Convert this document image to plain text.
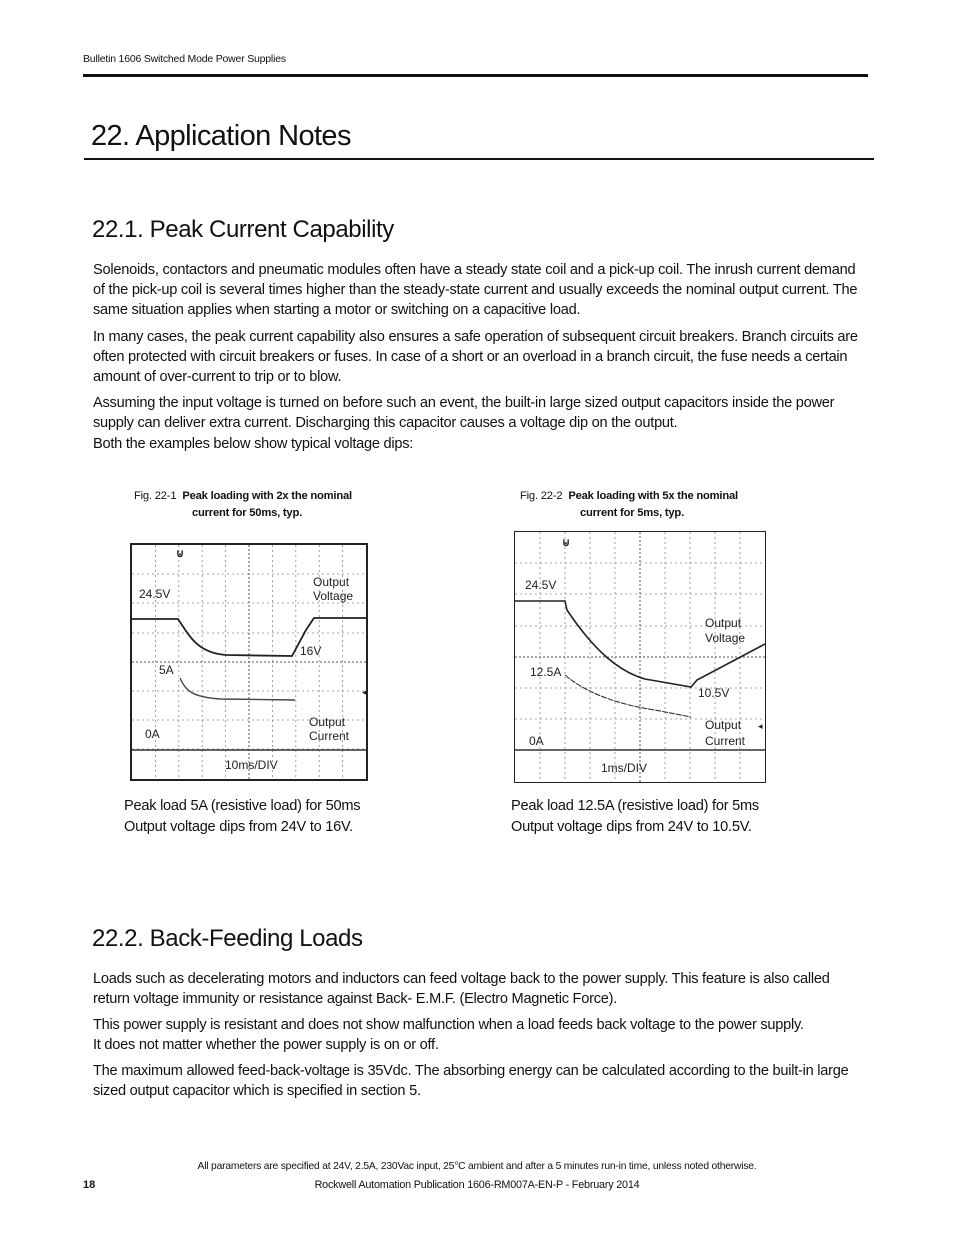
Bulletin 1606 Switched Mode Power Supplies
22. Application Notes
22.1. Peak Current Capability
Solenoids, contactors and pneumatic modules often have a steady state coil and a pick-up coil. The inrush current demand of the pick-up coil is several times higher than the steady-state current and usually exceeds the nominal output current. The same situation applies when starting a motor or switching on a capacitive load.
In many cases, the peak current capability also ensures a safe operation of subsequent circuit breakers. Branch circuits are often protected with circuit breakers or fuses. In case of a short or an overload in a branch circuit, the fuse needs a certain amount of over-current to trip or to blow.
Assuming the input voltage is turned on before such an event, the built-in large sized output capacitors inside the power supply can deliver extra current. Discharging this capacitor causes a voltage dip on the output.
Both the examples below show typical voltage dips:
Fig. 22-1 Peak loading with 2x the nominal
current for 50ms, typ.
⊍
◂
24.5V
Output
Voltage
16V
5A
0A
Output
Current
10ms/DIV
Peak load 5A (resistive load) for 50ms
Output voltage dips from 24V to 16V.
Fig. 22-2 Peak loading with 5x the nominal
current for 5ms, typ.
⊍
◂
24.5V
Output
Voltage
10.5V
12.5A
0A
Output
Current
1ms/DIV
Peak load 12.5A (resistive load) for 5ms
Output voltage dips from 24V to 10.5V.
22.2. Back-Feeding Loads
Loads such as decelerating motors and inductors can feed voltage back to the power supply. This feature is also called return voltage immunity or resistance against Back- E.M.F. (Electro Magnetic Force).
This power supply is resistant and does not show malfunction when a load feeds back voltage to the power supply.
It does not matter whether the power supply is on or off.
The maximum allowed feed-back-voltage is 35Vdc. The absorbing energy can be calculated according to the built-in large sized output capacitor which is specified in section 5.
All parameters are specified at 24V, 2.5A, 230Vac input, 25°C ambient and after a 5 minutes run-in time, unless noted otherwise.
18	Rockwell Automation Publication 1606-RM007A-EN-P - February 2014
